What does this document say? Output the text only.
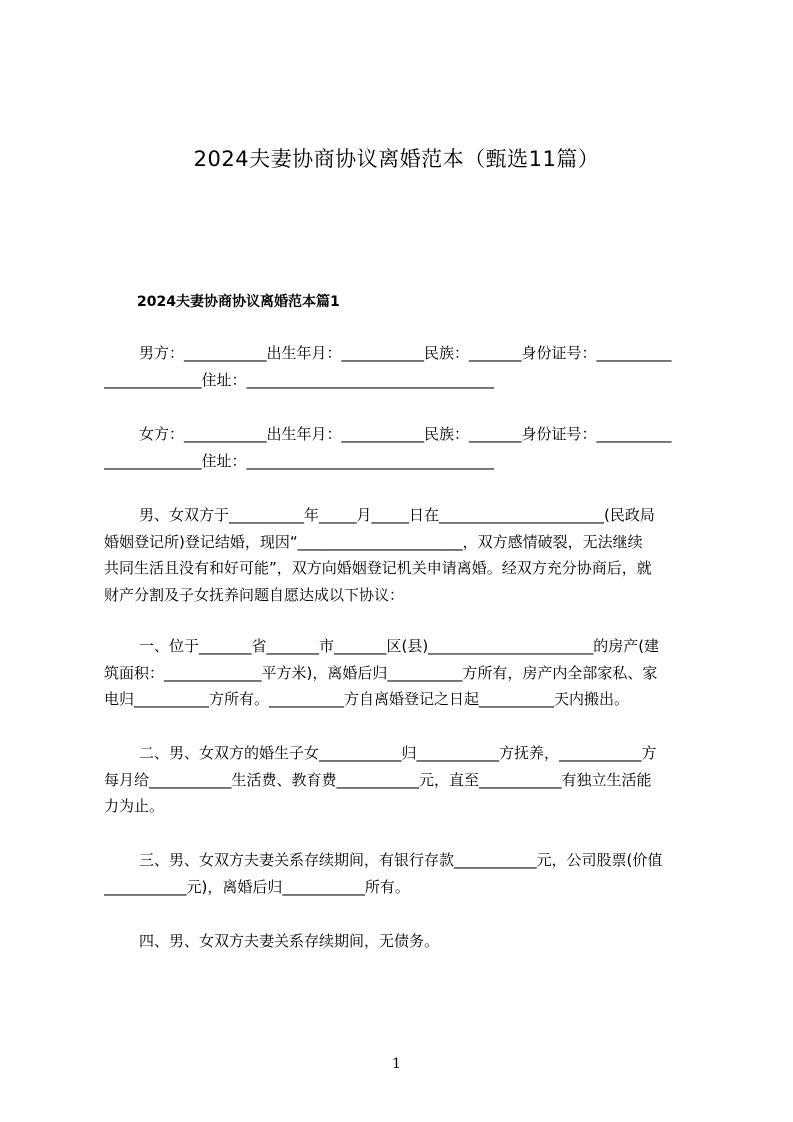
2024夫妻协商协议离婚范本（甄选11篇）
2024夫妻协商协议离婚范本篇1
男方：___________出生年月：___________民族：_______身份证号：__________
_____________住址：_________________________________
女方：___________出生年月：___________民族：_______身份证号：__________
_____________住址：_________________________________
男、女双方于__________年_____月_____日在______________________(民政局
婚姻登记所)登记结婚，现因“______________________，双方感情破裂，无法继续
共同生活且没有和好可能”，双方向婚姻登记机关申请离婚。经双方充分协商后，就
财产分割及子女抚养问题自愿达成以下协议：
一、位于_______省_______市_______区(县)______________________的房产(建
筑面积：_____________平方米)，离婚后归__________方所有，房产内全部家私、家
电归__________方所有。__________方自离婚登记之日起__________天内搬出。
二、男、女双方的婚生子女___________归___________方抚养，___________方
每月给___________生活费、教育费___________元，直至___________有独立生活能
力为止。
三、男、女双方夫妻关系存续期间，有银行存款___________元，公司股票(价值
___________元)，离婚后归___________所有。
四、男、女双方夫妻关系存续期间，无债务。
1
